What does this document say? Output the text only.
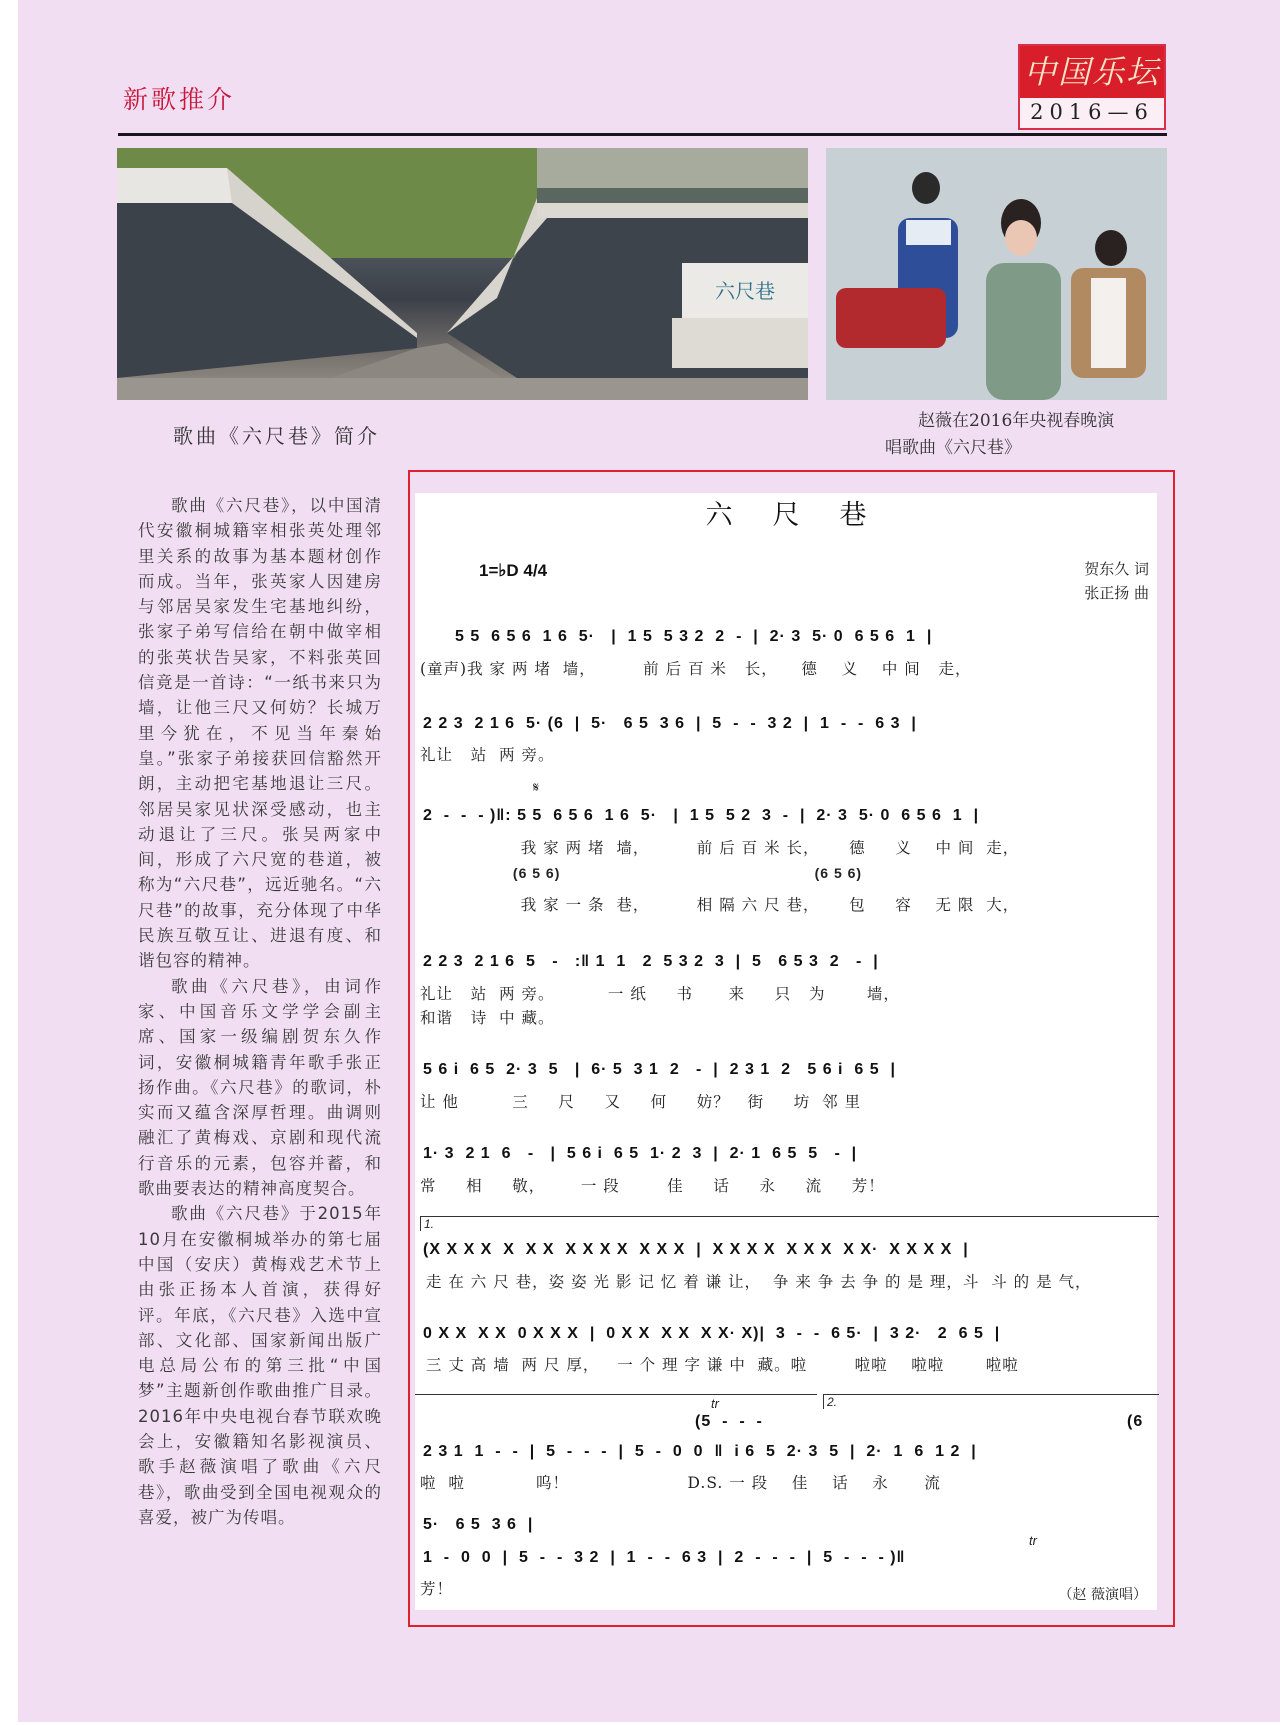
新歌推介
中国乐坛
2016—6
六尺巷
歌曲《六尺巷》简介
赵薇在2016年央视春晚演
唱歌曲《六尺巷》

歌曲《六尺巷》，以中国清代安徽桐城籍宰相张英处理邻里关系的故事为基本题材创作而成。当年，张英家人因建房与邻居吴家发生宅基地纠纷，张家子弟写信给在朝中做宰相的张英状告吴家，不料张英回信竟是一首诗：“一纸书来只为墙，让他三尺又何妨？长城万里今犹在，不见当年秦始皇。”张家子弟接获回信豁然开朗，主动把宅基地退让三尺。邻居吴家见状深受感动，也主动退让了三尺。张吴两家中间，形成了六尺宽的巷道，被称为“六尺巷”，远近驰名。“六尺巷”的故事，充分体现了中华民族互敬互让、进退有度、和谐包容的精神。

歌曲《六尺巷》，由词作家、中国音乐文学学会副主席、国家一级编剧贺东久作词，安徽桐城籍青年歌手张正扬作曲。《六尺巷》的歌词，朴实而又蕴含深厚哲理。曲调则融汇了黄梅戏、京剧和现代流行音乐的元素，包容并蓄，和歌曲要表达的精神高度契合。

歌曲《六尺巷》于2015年10月在安徽桐城举办的第七届中国（安庆）黄梅戏艺术节上由张正扬本人首演，获得好评。年底，《六尺巷》入选中宣部、文化部、国家新闻出版广电总局公布的第三批“中国梦”主题新创作歌曲推广目录。2016年中央电视台春节联欢晚会上，安徽籍知名影视演员、歌手赵薇演唱了歌曲《六尺巷》，歌曲受到全国电视观众的喜爱，被广为传唱。

六尺巷
1=♭D 4/4	贺东久 词
张正扬 曲
5 5  6 5 6  1 6  5·   |  1 5  5 3 2  2  -  |  2· 3  5· 0  6 5 6  1  |
(童声)我 家 两 堵  墙，        前 后 百 米   长，    德    义    中 间   走，
2 2 3  2 1 6  5· (6  |  5·   6 5  3 6  |  5  -  -  3 2  |  1  -  -  6 3  |
礼让   站  两 旁。
𝄋
2  -  -  - )‖: 5 5  6 5 6  1 6  5·   |  1 5  5 2  3  -  |  2· 3  5· 0  6 5 6  1  |
我 家 两 堵  墙，        前 后 百 米 长，     德     义    中 间  走，
(6 5 6)                                                    (6 5 6)
我 家 一 条  巷，        相 隔 六 尺 巷，     包     容    无 限  大，
2 2 3  2 1 6  5   -   :‖ 1  1   2  5 3 2  3  |  5   6 5 3  2   -  |
礼让   站  两 旁。         一 纸     书      来     只   为       墙，
和谐   诗  中 藏。
5 6 i  6 5  2· 3  5   |  6· 5  3 1  2   -  |  2 3 1  2   5 6 i  6 5  |
让 他         三     尺     又     何     妨？   街     坊  邻 里
1· 3  2 1  6   -   |  5 6 i  6 5  1· 2  3  |  2· 1  6 5  5   -  |
常     相     敬，      一 段        佳     话     永     流     芳！
1.
(X X X X  X  X X  X X X X  X X X  |  X X X X  X X X  X X·  X X X X  |
走 在 六 尺 巷，姿 姿 光 影 记 忆 着 谦 让，  争 来 争 去 争 的 是 理，斗  斗 的 是 气，
0 X X  X X  0 X X X  |  0 X X  X X  X X· X)|  3  -  -  6 5·  |  3 2·   2  6 5  |
三 丈 高 墙  两 尺 厚，   一 个 理 字 谦 中  藏。啦        啦啦    啦啦       啦啦
2.
tr
(5  -  -  -	(6
2 3 1  1  -  -  |  5  -  -  -  |  5  -  0  0  ‖  i 6  5  2· 3  5  |  2·  1  6  1 2  |
啦  啦            呜！                    D.S. 一 段    佳    话    永      流
5·   6 5  3 6  |
tr
1  -  0  0  |  5  -  -  3 2  |  1  -  -  6 3  |  2  -  -  -  |  5  -  -  - )‖
芳！	（赵 薇演唱）
